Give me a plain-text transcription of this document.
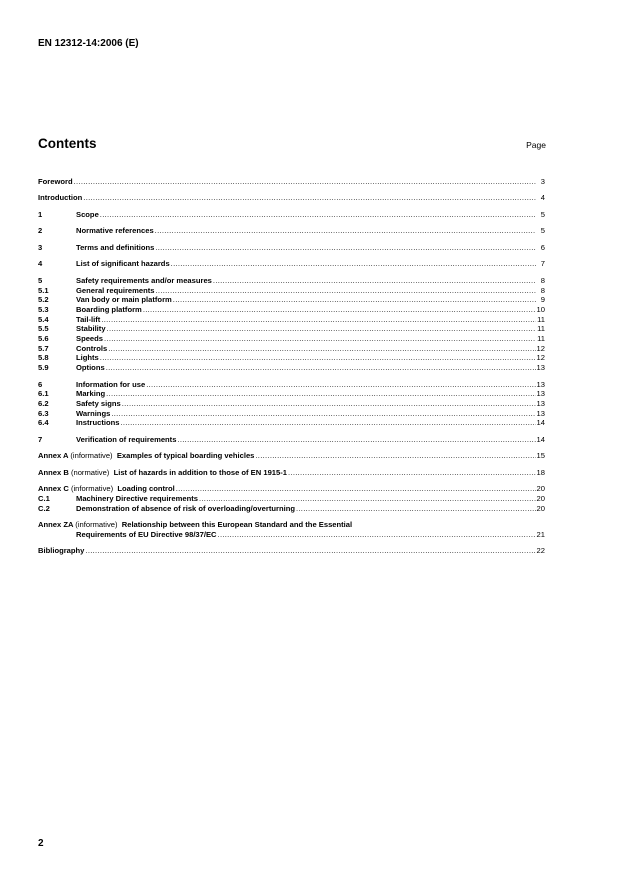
EN 12312-14:2006 (E)
Contents	Page
Foreword .....	3
Introduction .....	4
1	Scope .....	5
2	Normative references .....	5
3	Terms and definitions .....	6
4	List of significant hazards .....	7
5	Safety requirements and/or measures .....	8
5.1	General requirements .....	8
5.2	Van body or main platform .....	9
5.3	Boarding platform .....	10
5.4	Tail-lift .....	11
5.5	Stability .....	11
5.6	Speeds .....	11
5.7	Controls .....	12
5.8	Lights .....	12
5.9	Options .....	13
6	Information for use .....	13
6.1	Marking .....	13
6.2	Safety signs .....	13
6.3	Warnings .....	13
6.4	Instructions .....	14
7	Verification of requirements .....	14
Annex A (informative) Examples of typical boarding vehicles .....	15
Annex B (normative) List of hazards in addition to those of EN 1915-1 .....	18
Annex C (informative) Loading control .....	20
C.1	Machinery Directive requirements .....	20
C.2	Demonstration of absence of risk of overloading/overturning .....	20
Annex ZA (informative) Relationship between this European Standard and the Essential
Requirements of EU Directive 98/37/EC .....	21
Bibliography .....	22
2
